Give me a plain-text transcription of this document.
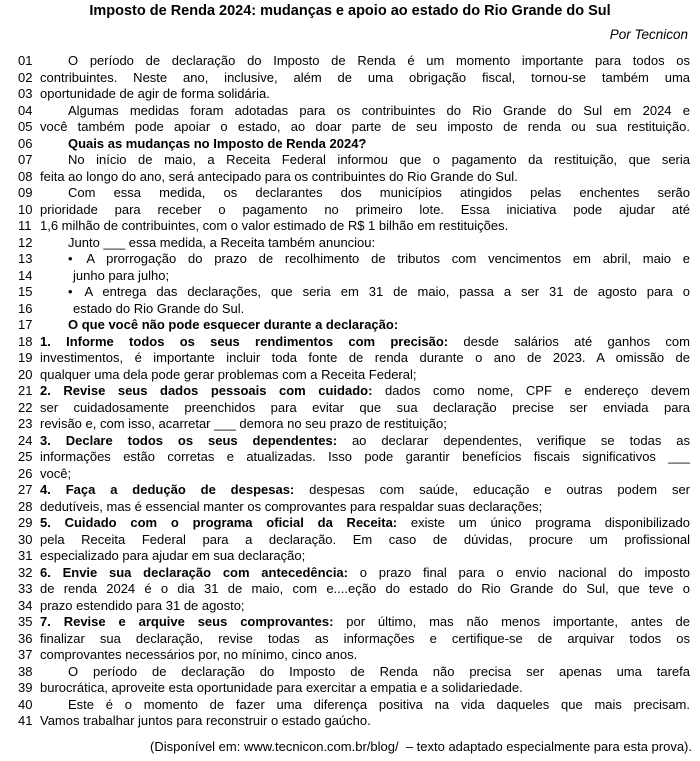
Imposto de Renda 2024: mudanças e apoio ao estado do Rio Grande do Sul
Por Tecnicon
01	O período de declaração do Imposto de Renda é um momento importante para todos os
02 contribuintes. Neste ano, inclusive, além de uma obrigação fiscal, tornou-se também uma
03 oportunidade de agir de forma solidária.
04	Algumas medidas foram adotadas para os contribuintes do Rio Grande do Sul em 2024 e
05 você também pode apoiar o estado, ao doar parte de seu imposto de renda ou sua restituição.
06	Quais as mudanças no Imposto de Renda 2024?
07	No início de maio, a Receita Federal informou que o pagamento da restituição, que seria
08 feita ao longo do ano, será antecipado para os contribuintes do Rio Grande do Sul.
09	Com essa medida, os declarantes dos municípios atingidos pelas enchentes serão
10 prioridade para receber o pagamento no primeiro lote. Essa iniciativa pode ajudar até
11 1,6 milhão de contribuintes, com o valor estimado de R$ 1 bilhão em restituições.
12	Junto ___ essa medida, a Receita também anunciou:
13	• A prorrogação do prazo de recolhimento de tributos com vencimentos em abril, maio e
14	junho para julho;
15	• A entrega das declarações, que seria em 31 de maio, passa a ser 31 de agosto para o
16	estado do Rio Grande do Sul.
17	O que você não pode esquecer durante a declaração:
18 1. Informe todos os seus rendimentos com precisão: desde salários até ganhos com
19 investimentos, é importante incluir toda fonte de renda durante o ano de 2023. A omissão de
20 qualquer uma dela pode gerar problemas com a Receita Federal;
21 2. Revise seus dados pessoais com cuidado: dados como nome, CPF e endereço devem
22 ser cuidadosamente preenchidos para evitar que sua declaração precise ser enviada para
23 revisão e, com isso, acarretar ___ demora no seu prazo de restituição;
24 3. Declare todos os seus dependentes: ao declarar dependentes, verifique se todas as
25 informações estão corretas e atualizadas. Isso pode garantir benefícios fiscais significativos ___
26 você;
27 4. Faça a dedução de despesas: despesas com saúde, educação e outras podem ser
28 dedutíveis, mas é essencial manter os comprovantes para respaldar suas declarações;
29 5. Cuidado com o programa oficial da Receita: existe um único programa disponibilizado
30 pela Receita Federal para a declaração. Em caso de dúvidas, procure um profissional
31 especializado para ajudar em sua declaração;
32 6. Envie sua declaração com antecedência: o prazo final para o envio nacional do imposto
33 de renda 2024 é o dia 31 de maio, com e....eção do estado do Rio Grande do Sul, que teve o
34 prazo estendido para 31 de agosto;
35 7. Revise e arquive seus comprovantes: por último, mas não menos importante, antes de
36 finalizar sua declaração, revise todas as informações e certifique-se de arquivar todos os
37 comprovantes necessários por, no mínimo, cinco anos.
38	O período de declaração do Imposto de Renda não precisa ser apenas uma tarefa
39 burocrática, aproveite esta oportunidade para exercitar a empatia e a solidariedade.
40	Este é o momento de fazer uma diferença positiva na vida daqueles que mais precisam.
41 Vamos trabalhar juntos para reconstruir o estado gaúcho.
(Disponível em: www.tecnicon.com.br/blog/  – texto adaptado especialmente para esta prova).
